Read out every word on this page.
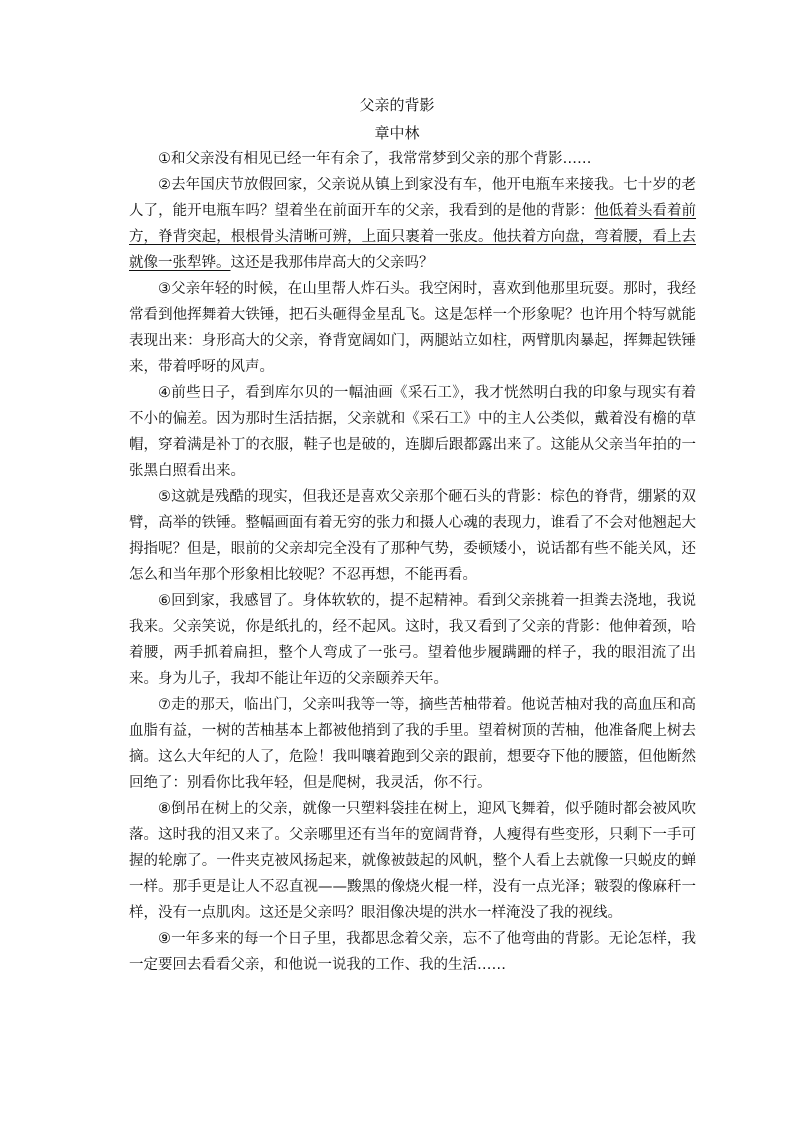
父亲的背影
章中林

①和父亲没有相见已经一年有余了，我常常梦到父亲的那个背影……

②去年国庆节放假回家，父亲说从镇上到家没有车，他开电瓶车来接我。七十岁的老人了，能开电瓶车吗？望着坐在前面开车的父亲，我看到的是他的背影：他低着头看着前方，脊背突起，根根骨头清晰可辨，上面只裹着一张皮。他扶着方向盘，弯着腰，看上去就像一张犁铧。这还是我那伟岸高大的父亲吗？

③父亲年轻的时候，在山里帮人炸石头。我空闲时，喜欢到他那里玩耍。那时，我经常看到他挥舞着大铁锤，把石头砸得金星乱飞。这是怎样一个形象呢？也许用个特写就能表现出来：身形高大的父亲，脊背宽阔如门，两腿站立如柱，两臂肌肉暴起，挥舞起铁锤来，带着呼呀的风声。

④前些日子，看到库尔贝的一幅油画《采石工》，我才恍然明白我的印象与现实有着不小的偏差。因为那时生活拮据，父亲就和《采石工》中的主人公类似，戴着没有檐的草帽，穿着满是补丁的衣服，鞋子也是破的，连脚后跟都露出来了。这能从父亲当年拍的一张黑白照看出来。

⑤这就是残酷的现实，但我还是喜欢父亲那个砸石头的背影：棕色的脊背，绷紧的双臂，高举的铁锤。整幅画面有着无穷的张力和摄人心魂的表现力，谁看了不会对他翘起大拇指呢？但是，眼前的父亲却完全没有了那种气势，委顿矮小，说话都有些不能关风，还怎么和当年那个形象相比较呢？不忍再想，不能再看。

⑥回到家，我感冒了。身体软软的，提不起精神。看到父亲挑着一担粪去浇地，我说我来。父亲笑说，你是纸扎的，经不起风。这时，我又看到了父亲的背影：他伸着颈，哈着腰，两手抓着扁担，整个人弯成了一张弓。望着他步履蹒跚的样子，我的眼泪流了出来。身为儿子，我却不能让年迈的父亲颐养天年。

⑦走的那天，临出门，父亲叫我等一等，摘些苦柚带着。他说苦柚对我的高血压和高血脂有益，一树的苦柚基本上都被他捎到了我的手里。望着树顶的苦柚，他准备爬上树去摘。这么大年纪的人了，危险！我叫嚷着跑到父亲的跟前，想要夺下他的腰篮，但他断然回绝了：别看你比我年轻，但是爬树，我灵活，你不行。

⑧倒吊在树上的父亲，就像一只塑料袋挂在树上，迎风飞舞着，似乎随时都会被风吹落。这时我的泪又来了。父亲哪里还有当年的宽阔背脊，人瘦得有些变形，只剩下一手可握的轮廓了。一件夹克被风扬起来，就像被鼓起的风帆，整个人看上去就像一只蜕皮的蝉一样。那手更是让人不忍直视——黢黑的像烧火棍一样，没有一点光泽；皲裂的像麻秆一样，没有一点肌肉。这还是父亲吗？眼泪像决堤的洪水一样淹没了我的视线。

⑨一年多来的每一个日子里，我都思念着父亲，忘不了他弯曲的背影。无论怎样，我一定要回去看看父亲，和他说一说我的工作、我的生活……
